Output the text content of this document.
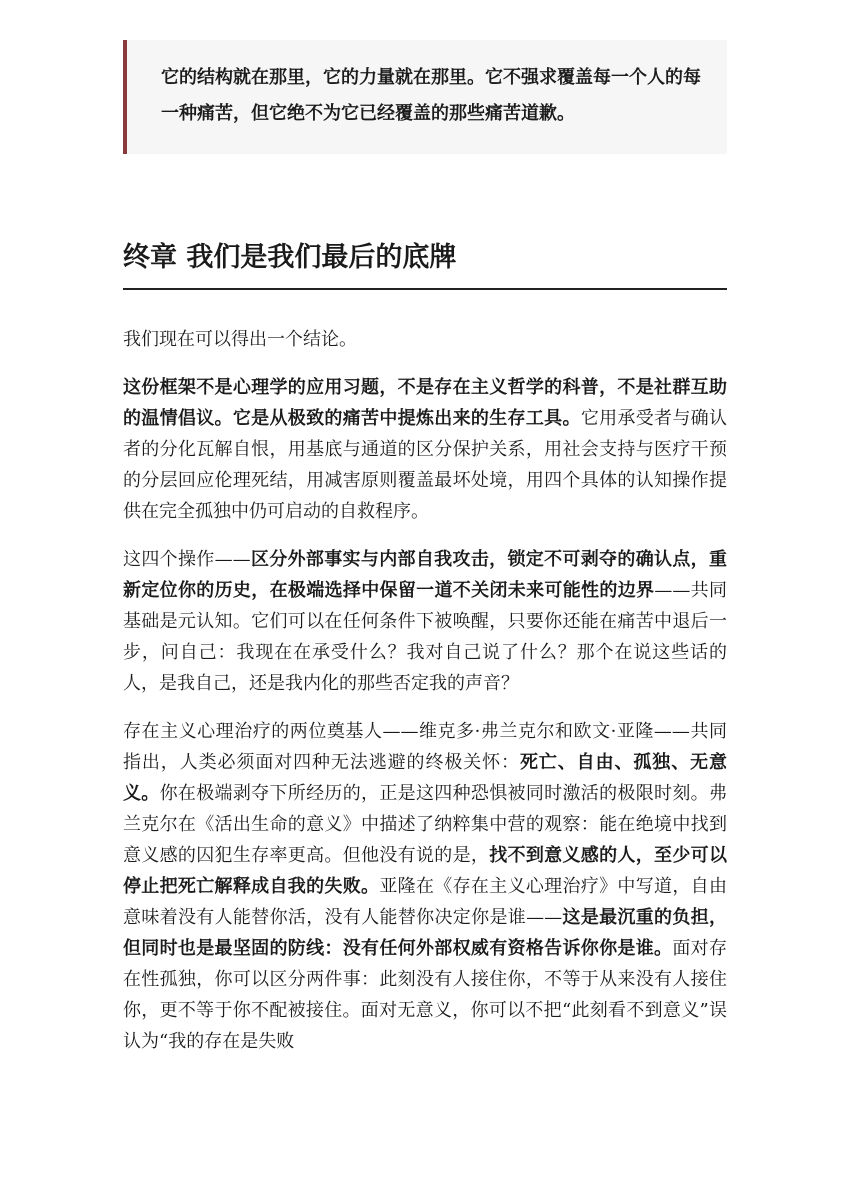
它的结构就在那里，它的力量就在那里。它不强求覆盖每一个人的每一种痛苦，但它绝不为它已经覆盖的那些痛苦道歉。
终章 我们是我们最后的底牌

我们现在可以得出一个结论。

这份框架不是心理学的应用习题，不是存在主义哲学的科普，不是社群互助的温情倡议。它是从极致的痛苦中提炼出来的生存工具。它用承受者与确认者的分化瓦解自恨，用基底与通道的区分保护关系，用社会支持与医疗干预的分层回应伦理死结，用减害原则覆盖最坏处境，用四个具体的认知操作提供在完全孤独中仍可启动的自救程序。

这四个操作——区分外部事实与内部自我攻击，锁定不可剥夺的确认点，重新定位你的历史，在极端选择中保留一道不关闭未来可能性的边界——共同基础是元认知。它们可以在任何条件下被唤醒，只要你还能在痛苦中退后一步，问自己：我现在在承受什么？我对自己说了什么？那个在说这些话的人，是我自己，还是我内化的那些否定我的声音？

存在主义心理治疗的两位奠基人——维克多·弗兰克尔和欧文·亚隆——共同指出，人类必须面对四种无法逃避的终极关怀：死亡、自由、孤独、无意义。你在极端剥夺下所经历的，正是这四种恐惧被同时激活的极限时刻。弗兰克尔在《活出生命的意义》中描述了纳粹集中营的观察：能在绝境中找到意义感的囚犯生存率更高。但他没有说的是，找不到意义感的人，至少可以停止把死亡解释成自我的失败。亚隆在《存在主义心理治疗》中写道，自由意味着没有人能替你活，没有人能替你决定你是谁——这是最沉重的负担，但同时也是最坚固的防线：没有任何外部权威有资格告诉你你是谁。面对存在性孤独，你可以区分两件事：此刻没有人接住你，不等于从来没有人接住你，更不等于你不配被接住。面对无意义，你可以不把“此刻看不到意义”误认为“我的存在是失败
